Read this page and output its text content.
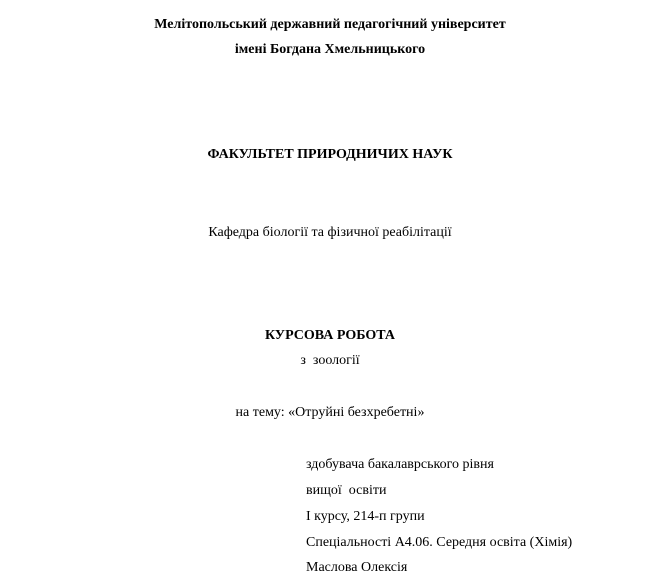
Мелітопольський державний педагогічний університет
імені Богдана Хмельницького
ФАКУЛЬТЕТ ПРИРОДНИЧИХ НАУК
Кафедра біології та фізичної реабілітації
КУРСОВА РОБОТА
з  зоології
на тему: «Отруйні безхребетні»
здобувача бакалаврського рівня
вищої  освіти
I курсу, 214-п групи
Спеціальності А4.06. Середня освіта (Хімія)
Маслова Олексія
